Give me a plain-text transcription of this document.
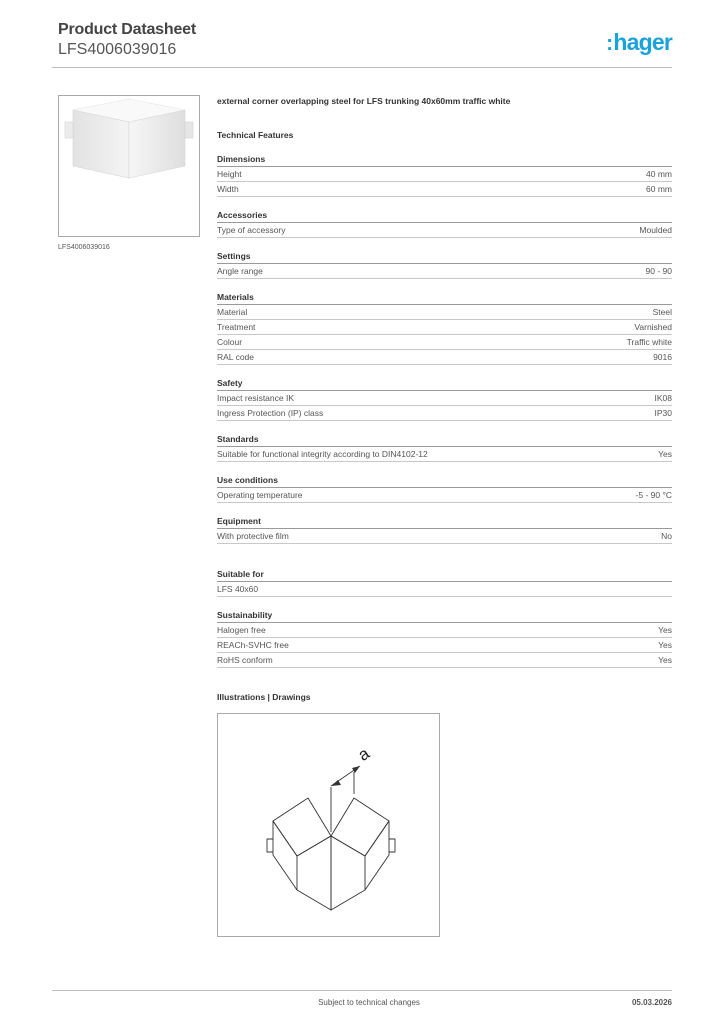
Product Datasheet
LFS4006039016	:hager
LFS4006039016
external corner overlapping steel for LFS trunking 40x60mm traffic white
Technical Features
Dimensions
Height	40 mm
Width	60 mm
Accessories
Type of accessory	Moulded
Settings
Angle range	90 - 90
Materials
Material	Steel
Treatment	Varnished
Colour	Traffic white
RAL code	9016
Safety
Impact resistance IK	IK08
Ingress Protection (IP) class	IP30
Standards
Suitable for functional integrity according to DIN4102-12	Yes
Use conditions
Operating temperature	-5 - 90 °C
Equipment
With protective film	No
Suitable for
LFS 40x60
Sustainability
Halogen free	Yes
REACh-SVHC free	Yes
RoHS conform	Yes
Illustrations | Drawings
a
Subject to technical changes	05.03.2026
